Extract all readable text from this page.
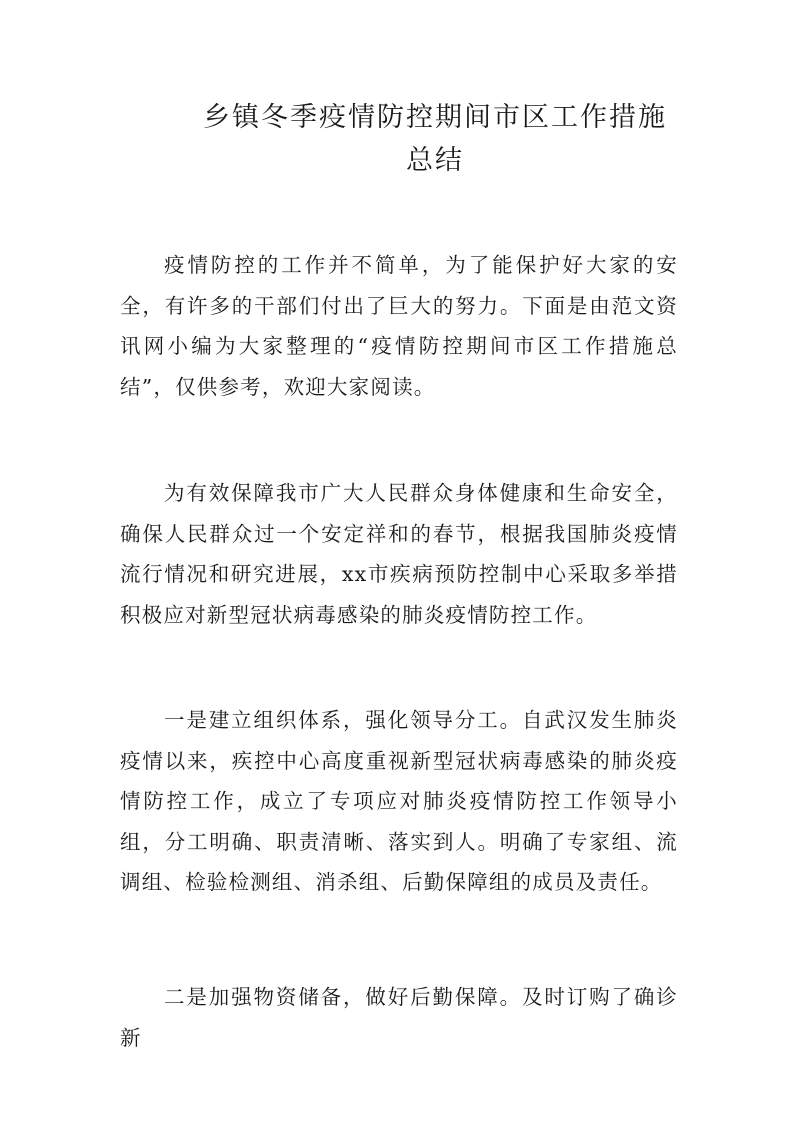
乡镇冬季疫情防控期间市区工作措施
总结

疫情防控的工作并不简单，为了能保护好大家的安全，有许多的干部们付出了巨大的努力。下面是由范文资讯网小编为大家整理的“疫情防控期间市区工作措施总结”，仅供参考，欢迎大家阅读。

为有效保障我市广大人民群众身体健康和生命安全，确保人民群众过一个安定祥和的春节，根据我国肺炎疫情流行情况和研究进展，xx市疾病预防控制中心采取多举措积极应对新型冠状病毒感染的肺炎疫情防控工作。

一是建立组织体系，强化领导分工。自武汉发生肺炎疫情以来，疾控中心高度重视新型冠状病毒感染的肺炎疫情防控工作，成立了专项应对肺炎疫情防控工作领导小组，分工明确、职责清晰、落实到人。明确了专家组、流调组、检验检测组、消杀组、后勤保障组的成员及责任。

二是加强物资储备，做好后勤保障。及时订购了确诊新
